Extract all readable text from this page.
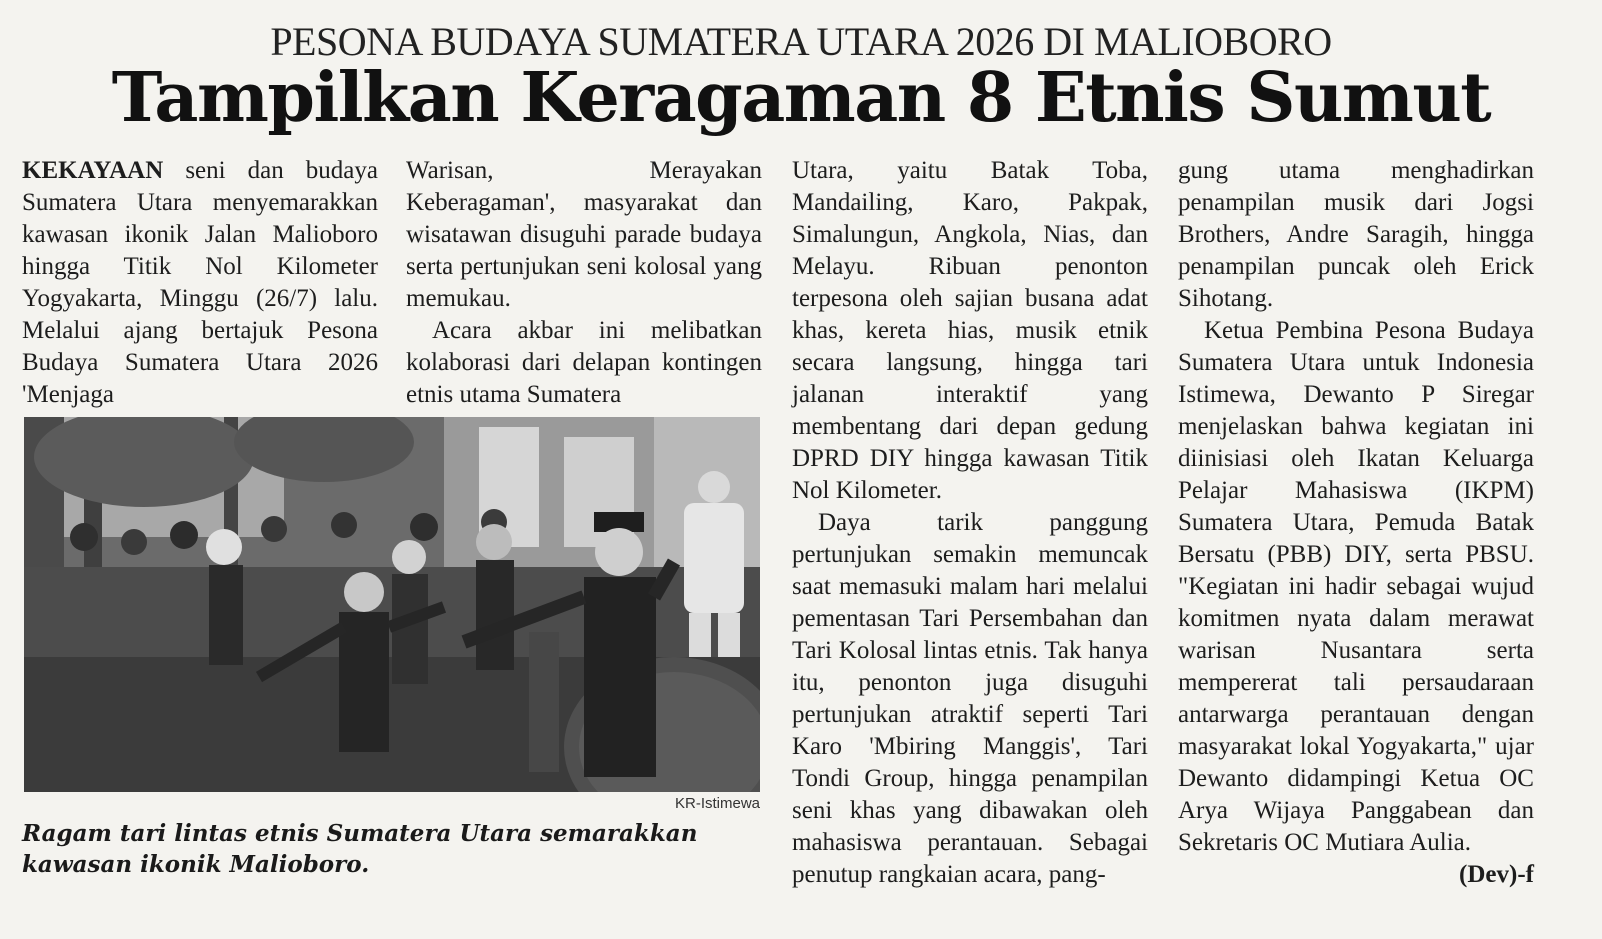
PESONA BUDAYA SUMATERA UTARA 2026 DI MALIOBORO
Tampilkan Keragaman 8 Etnis Sumut

KEKAYAAN seni dan budaya Sumatera Utara menyemarakkan kawasan ikonik Jalan Malioboro hingga Titik Nol Kilometer Yogyakarta, Minggu (26/7) lalu. Melalui ajang bertajuk Pesona Budaya Sumatera Utara 2026 'Menjaga

Warisan, Merayakan Keberagaman', masyarakat dan wisatawan disuguhi parade budaya serta pertunjukan seni kolosal yang memukau.

Acara akbar ini melibatkan kolaborasi dari delapan kontingen etnis utama Sumatera

KR-Istimewa
Ragam tari lintas etnis Sumatera Utara semarakkan kawasan ikonik Malioboro.

Utara, yaitu Batak Toba, Mandailing, Karo, Pakpak, Simalungun, Angkola, Nias, dan Melayu. Ribuan penonton terpesona oleh sajian busana adat khas, kereta hias, musik etnik secara langsung, hingga tari jalanan interaktif yang membentang dari depan gedung DPRD DIY hingga kawasan Titik Nol Kilometer.

Daya tarik panggung pertunjukan semakin memuncak saat memasuki malam hari melalui pementasan Tari Persembahan dan Tari Kolosal lintas etnis. Tak hanya itu, penonton juga disuguhi pertunjukan atraktif seperti Tari Karo 'Mbiring Manggis', Tari Tondi Group, hingga penampilan seni khas yang dibawakan oleh mahasiswa perantauan. Sebagai penutup rangkaian acara, pang-

gung utama menghadirkan penampilan musik dari Jogsi Brothers, Andre Saragih, hingga penampilan puncak oleh Erick Sihotang.

Ketua Pembina Pesona Budaya Sumatera Utara untuk Indonesia Istimewa, Dewanto P Siregar menjelaskan bahwa kegiatan ini diinisiasi oleh Ikatan Keluarga Pelajar Mahasiswa (IKPM) Sumatera Utara, Pemuda Batak Bersatu (PBB) DIY, serta PBSU. "Kegiatan ini hadir sebagai wujud komitmen nyata dalam merawat warisan Nusantara serta mempererat tali persaudaraan antarwarga perantauan dengan masyarakat lokal Yogyakarta," ujar Dewanto didampingi Ketua OC Arya Wijaya Panggabean dan Sekretaris OC Mutiara Aulia.
(Dev)-f
